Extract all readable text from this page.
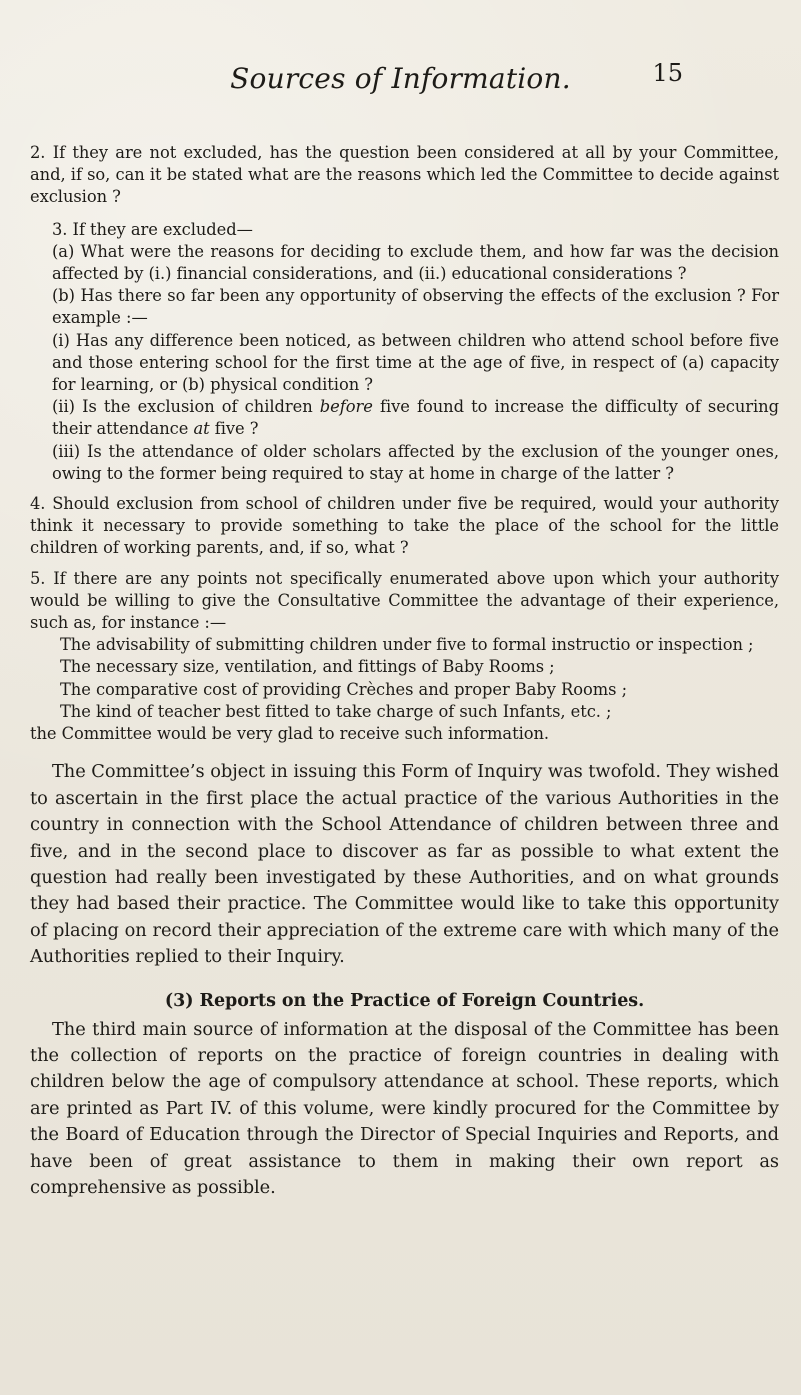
Sources of Information.	15

2. If they are not excluded, has the question been considered at all by your Committee, and, if so, can it be stated what are the reasons which led the Committee to decide against exclusion ?

3. If they are excluded—

(a) What were the reasons for deciding to exclude them, and how far was the decision affected by (i.) financial considerations, and (ii.) educational considerations ?

(b) Has there so far been any opportunity of observing the effects of the exclusion ? For example :—

(i) Has any difference been noticed, as between children who attend school before five and those entering school for the first time at the age of five, in respect of (a) capacity for learning, or (b) physical condition ?

(ii) Is the exclusion of children before five found to increase the difficulty of securing their attendance at five ?

(iii) Is the attendance of older scholars affected by the exclusion of the younger ones, owing to the former being required to stay at home in charge of the latter ?

4. Should exclusion from school of children under five be required, would your authority think it necessary to provide something to take the place of the school for the little children of working parents, and, if so, what ?

5. If there are any points not specifically enumerated above upon which your authority would be willing to give the Consultative Committee the advantage of their experience, such as, for instance :—

The advisability of submitting children under five to formal instructio or inspection ;

The necessary size, ventilation, and fittings of Baby Rooms ;

The comparative cost of providing Crèches and proper Baby Rooms ;

The kind of teacher best fitted to take charge of such Infants, etc. ;

the Committee would be very glad to receive such information.

The Committee’s object in issuing this Form of Inquiry was twofold. They wished to ascertain in the first place the actual practice of the various Authorities in the country in connection with the School Attendance of children between three and five, and in the second place to discover as far as possible to what extent the question had really been investigated by these Authorities, and on what grounds they had based their practice. The Committee would like to take this opportunity of placing on record their appreciation of the extreme care with which many of the Authorities replied to their Inquiry.

(3) Reports on the Practice of Foreign Countries.

The third main source of information at the disposal of the Committee has been the collection of reports on the practice of foreign countries in dealing with children below the age of compulsory attendance at school. These reports, which are printed as Part IV. of this volume, were kindly procured for the Committee by the Board of Education through the Director of Special Inquiries and Reports, and have been of great assistance to them in making their own report as comprehensive as possible.
